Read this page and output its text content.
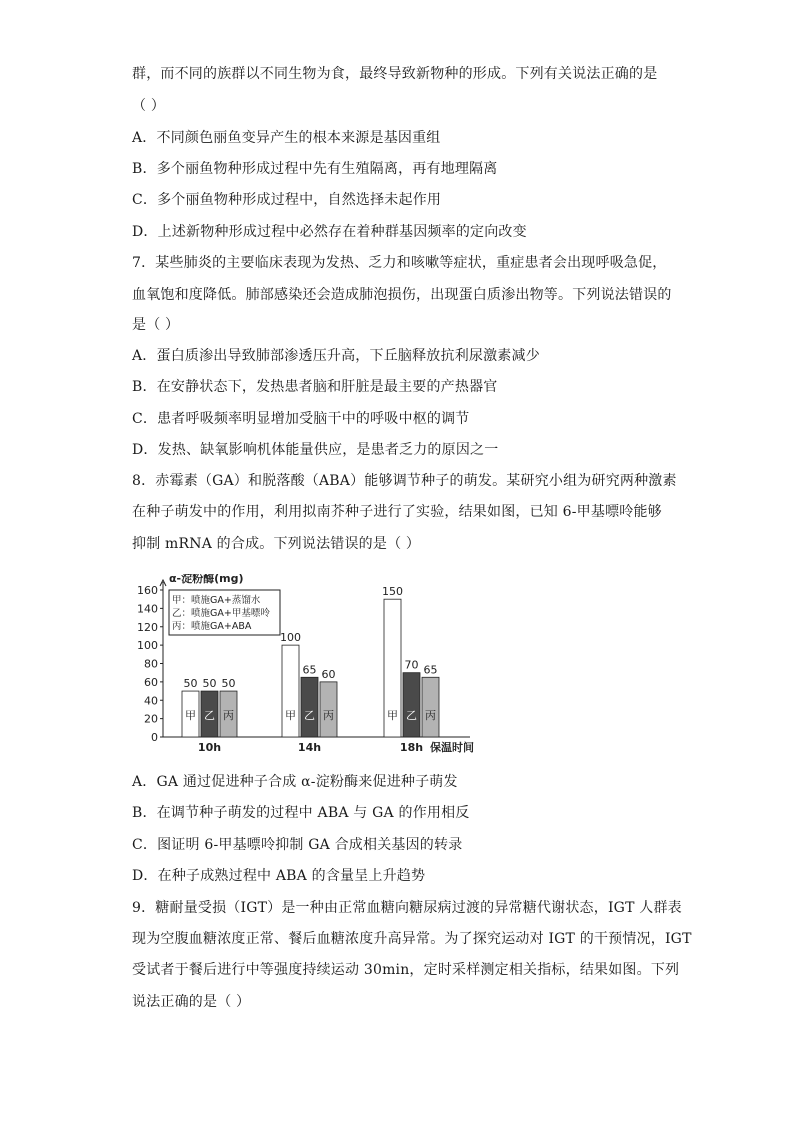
群，而不同的族群以不同生物为食，最终导致新物种的形成。下列有关说法正确的是
（ ）
A．不同颜色丽鱼变异产生的根本来源是基因重组
B．多个丽鱼物种形成过程中先有生殖隔离，再有地理隔离
C．多个丽鱼物种形成过程中，自然选择未起作用
D．上述新物种形成过程中必然存在着种群基因频率的定向改变
7．某些肺炎的主要临床表现为发热、乏力和咳嗽等症状，重症患者会出现呼吸急促，
血氧饱和度降低。肺部感染还会造成肺泡损伤，出现蛋白质渗出物等。下列说法错误的
是（ ）
A．蛋白质渗出导致肺部渗透压升高，下丘脑释放抗利尿激素减少
B．在安静状态下，发热患者脑和肝脏是最主要的产热器官
C．患者呼吸频率明显增加受脑干中的呼吸中枢的调节
D．发热、缺氧影响机体能量供应，是患者乏力的原因之一
8．赤霉素（GA）和脱落酸（ABA）能够调节种子的萌发。某研究小组为研究两种激素
在种子萌发中的作用，利用拟南芥种子进行了实验，结果如图，已知 6-甲基嘌呤能够
抑制 mRNA 的合成。下列说法错误的是（ ）
A．GA 通过促进种子合成 α-淀粉酶来促进种子萌发
B．在调节种子萌发的过程中 ABA 与 GA 的作用相反
C．图证明 6-甲基嘌呤抑制 GA 合成相关基因的转录
D．在种子成熟过程中 ABA 的含量呈上升趋势
9．糖耐量受损（IGT）是一种由正常血糖向糖尿病过渡的异常糖代谢状态，IGT 人群表
现为空腹血糖浓度正常、餐后血糖浓度升高异常。为了探究运动对 IGT 的干预情况，IGT
受试者于餐后进行中等强度持续运动 30min，定时采样测定相关指标，结果如图。下列
说法正确的是（ ）
0
20
40
60
80
100
120
140
160
α-淀粉酶(mg)
甲：喷施GA+蒸馏水
乙：喷施GA+甲基嘌呤
丙：喷施GA+ABA
甲
50
乙
50
丙
50
10h
甲
100
乙
65
丙
60
14h
甲
150
乙
70
丙
65
18h 保温时间
